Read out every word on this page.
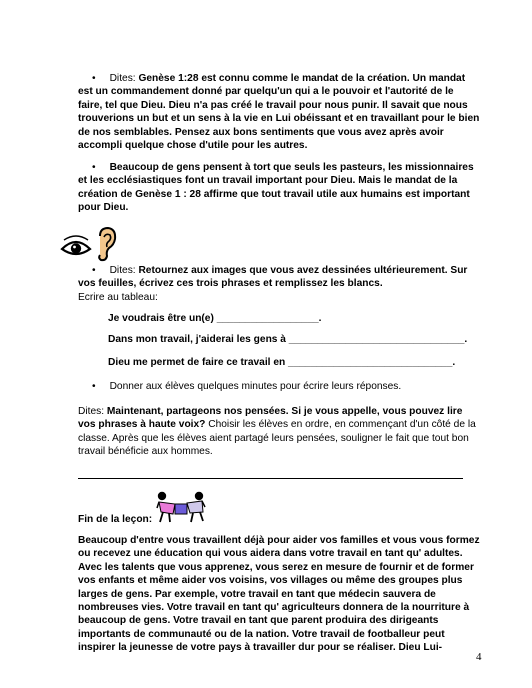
• Dites: Genèse 1:28 est connu comme le mandat de la création. Un mandat est un commandement donné par quelqu'un qui a le pouvoir et l'autorité de le faire, tel que Dieu. Dieu n'a pas créé le travail pour nous punir. Il savait que nous trouverions un but et un sens à la vie en Lui obéissant et en travaillant pour le bien de nos semblables. Pensez aux bons sentiments que vous avez après avoir accompli quelque chose d'utile pour les autres.
• Beaucoup de gens pensent à tort que seuls les pasteurs, les missionnaires et les ecclésiastiques font un travail important pour Dieu. Mais le mandat de la création de Genèse 1 : 28 affirme que tout travail utile aux humains est important pour Dieu.
• Dites: Retournez aux images que vous avez dessinées ultérieurement. Sur vos feuilles, écrivez ces trois phrases et remplissez les blancs.
Ecrire au tableau:
Je voudrais être un(e) __________________.
Dans mon travail, j'aiderai les gens à _______________________________.
Dieu me permet de faire ce travail en _____________________________.
• Donner aux élèves quelques minutes pour écrire leurs réponses.
Dites: Maintenant, partageons nos pensées. Si je vous appelle, vous pouvez lire vos phrases à haute voix? Choisir les élèves en ordre, en commençant d'un côté de la classe. Après que les élèves aient partagé leurs pensées, souligner le fait que tout bon travail bénéficie aux hommes.
Fin de la leçon:
Beaucoup d'entre vous travaillent déjà pour aider vos familles et vous vous formez ou recevez une éducation qui vous aidera dans votre travail en tant qu' adultes. Avec les talents que vous apprenez, vous serez en mesure de fournir et de former vos enfants et même aider vos voisins, vos villages ou même des groupes plus larges de gens. Par exemple, votre travail en tant que médecin sauvera de nombreuses vies. Votre travail en tant qu' agriculteurs donnera de la nourriture à beaucoup de gens. Votre travail en tant que parent produira des dirigeants importants de communauté ou de la nation. Votre travail de footballeur peut inspirer la jeunesse de votre pays à travailler dur pour se réaliser. Dieu Lui-
4
